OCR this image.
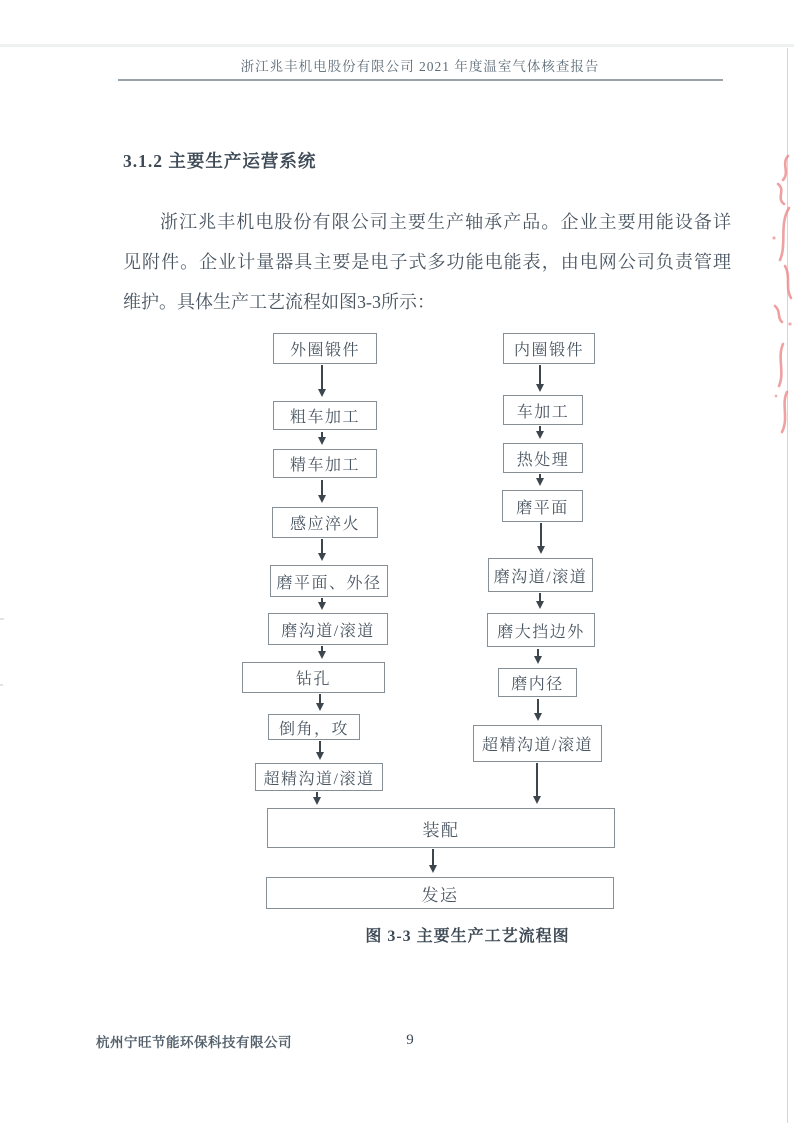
浙江兆丰机电股份有限公司 2021 年度温室气体核查报告
3.1.2 主要生产运营系统
浙江兆丰机电股份有限公司主要生产轴承产品。企业主要用能设备详
见附件。企业计量器具主要是电子式多功能电能表，由电网公司负责管理
维护。具体生产工艺流程如图3-3所示：
外圈锻件
粗车加工
精车加工
感应淬火
磨平面、外径
磨沟道/滚道
钻孔
倒角，攻
超精沟道/滚道
内圈锻件
车加工
热处理
磨平面
磨沟道/滚道
磨大挡边外
磨内径
超精沟道/滚道
装配
发运
图 3-3 主要生产工艺流程图
杭州宁旺节能环保科技有限公司	9
